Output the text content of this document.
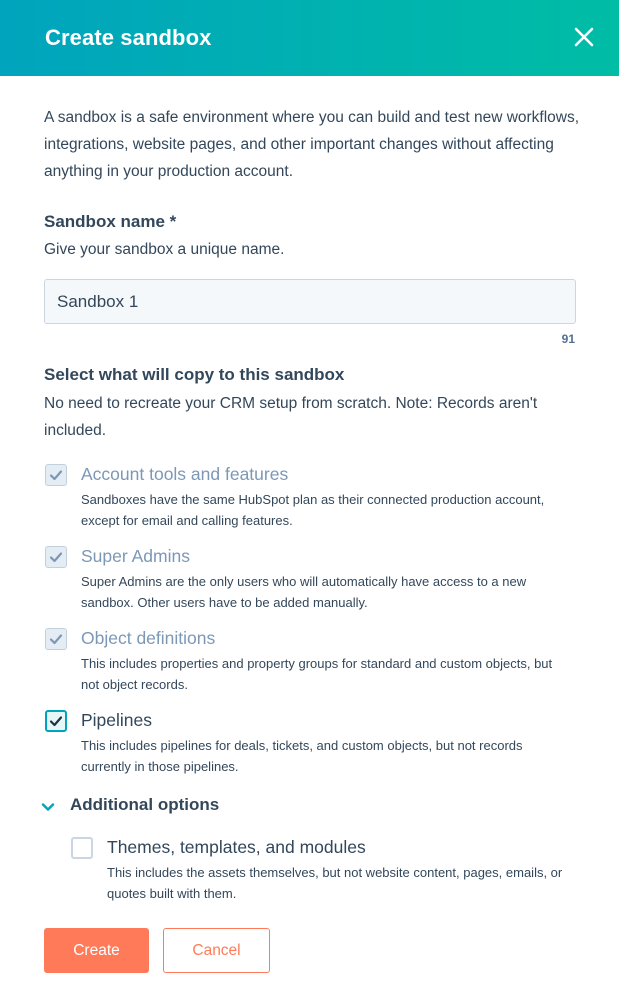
Create sandbox
A sandbox is a safe environment where you can build and test new workflows, integrations, website pages, and other important changes without affecting anything in your production account.
Sandbox name *
Give your sandbox a unique name.
Sandbox 1
91
Select what will copy to this sandbox
No need to recreate your CRM setup from scratch. Note: Records aren't included.
Account tools and features
Sandboxes have the same HubSpot plan as their connected production account, except for email and calling features.
Super Admins
Super Admins are the only users who will automatically have access to a new sandbox. Other users have to be added manually.
Object definitions
This includes properties and property groups for standard and custom objects, but not object records.
Pipelines
This includes pipelines for deals, tickets, and custom objects, but not records currently in those pipelines.
Additional options
Themes, templates, and modules
This includes the assets themselves, but not website content, pages, emails, or quotes built with them.
Create	Cancel
